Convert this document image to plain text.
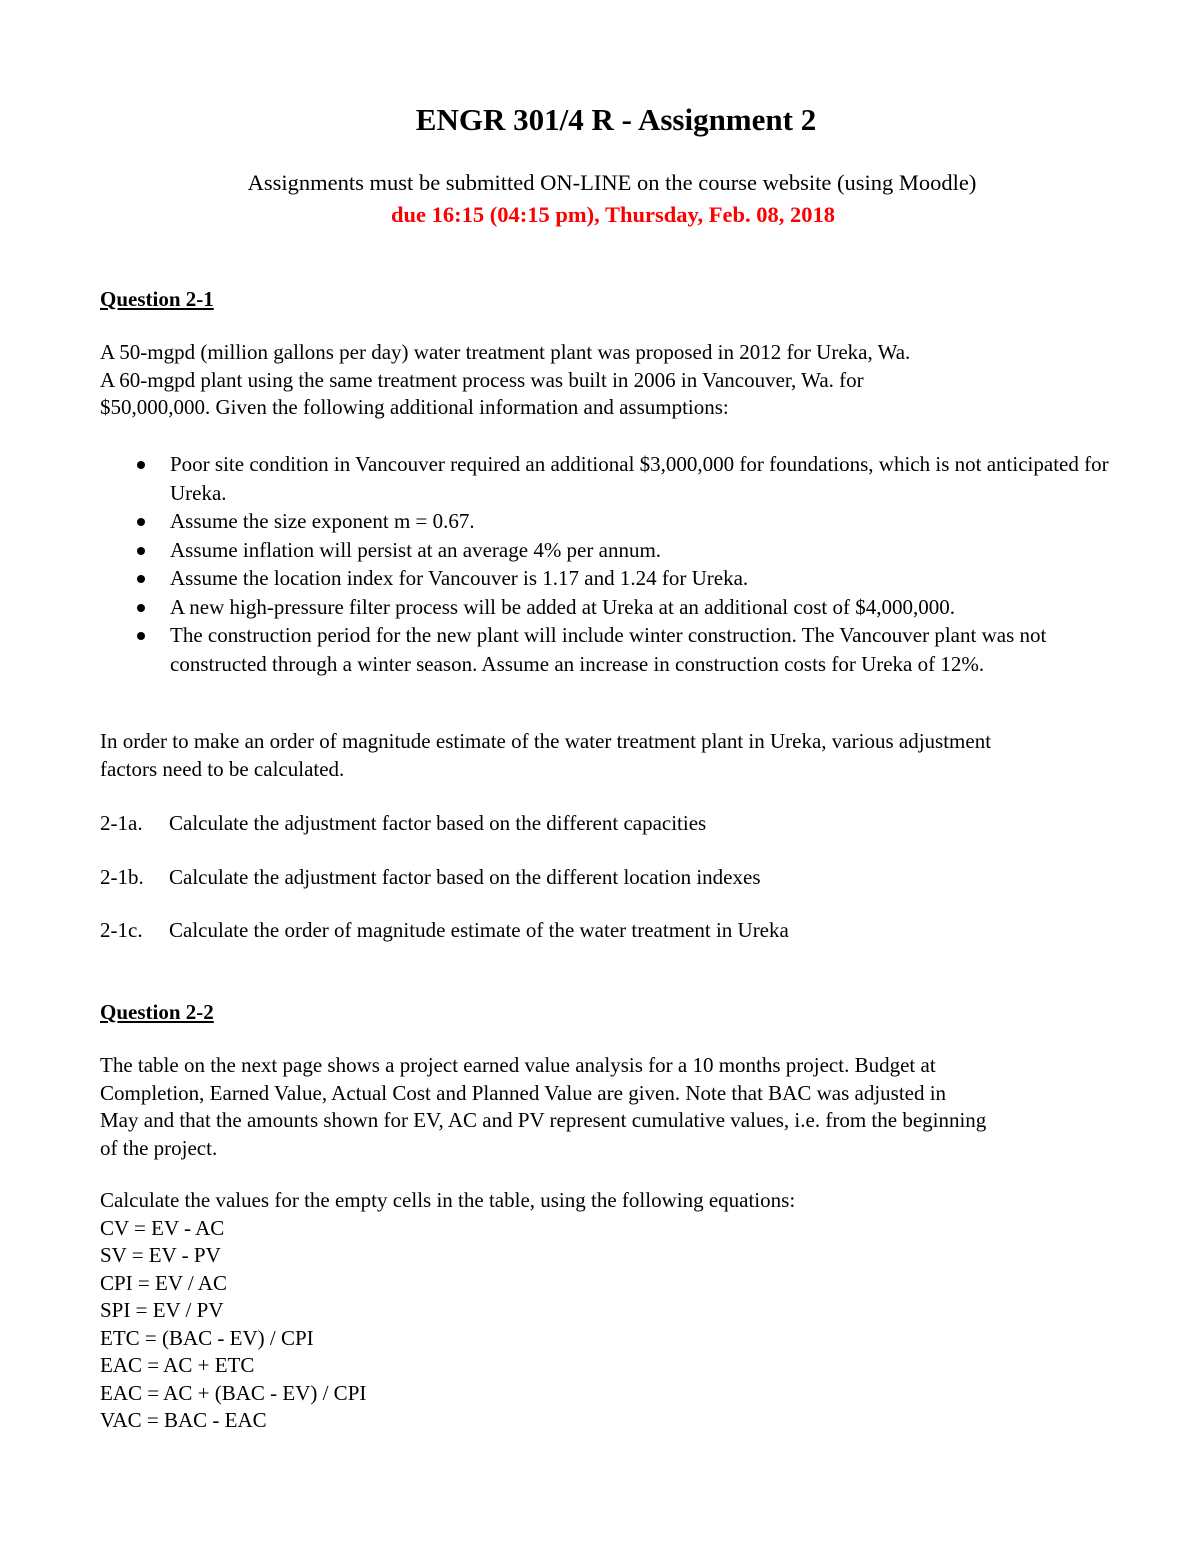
ENGR 301/4 R - Assignment 2
Assignments must be submitted ON-LINE on the course website (using Moodle)
due 16:15 (04:15 pm), Thursday, Feb. 08, 2018
Question 2-1
A 50-mgpd (million gallons per day) water treatment plant was proposed in 2012 for Ureka, Wa.
A 60-mgpd plant using the same treatment process was built in 2006 in Vancouver, Wa. for
$50,000,000. Given the following additional information and assumptions:
Poor site condition in Vancouver required an additional $3,000,000 for foundations, which is not anticipated for Ureka.
Assume the size exponent m = 0.67.
Assume inflation will persist at an average 4% per annum.
Assume the location index for Vancouver is 1.17 and 1.24 for Ureka.
A new high-pressure filter process will be added at Ureka at an additional cost of $4,000,000.
The construction period for the new plant will include winter construction. The Vancouver plant was not constructed through a winter season. Assume an increase in construction costs for Ureka of 12%.
In order to make an order of magnitude estimate of the water treatment plant in Ureka, various adjustment
factors need to be calculated.
2-1a. Calculate the adjustment factor based on the different capacities
2-1b. Calculate the adjustment factor based on the different location indexes
2-1c. Calculate the order of magnitude estimate of the water treatment in Ureka
Question 2-2
The table on the next page shows a project earned value analysis for a 10 months project. Budget at
Completion, Earned Value, Actual Cost and Planned Value are given. Note that BAC was adjusted in
May and that the amounts shown for EV, AC and PV represent cumulative values, i.e. from the beginning
of the project.
Calculate the values for the empty cells in the table, using the following equations:
CV = EV - AC
SV = EV - PV
CPI = EV / AC
SPI = EV / PV
ETC = (BAC - EV) / CPI
EAC = AC + ETC
EAC = AC + (BAC - EV) / CPI
VAC = BAC - EAC
